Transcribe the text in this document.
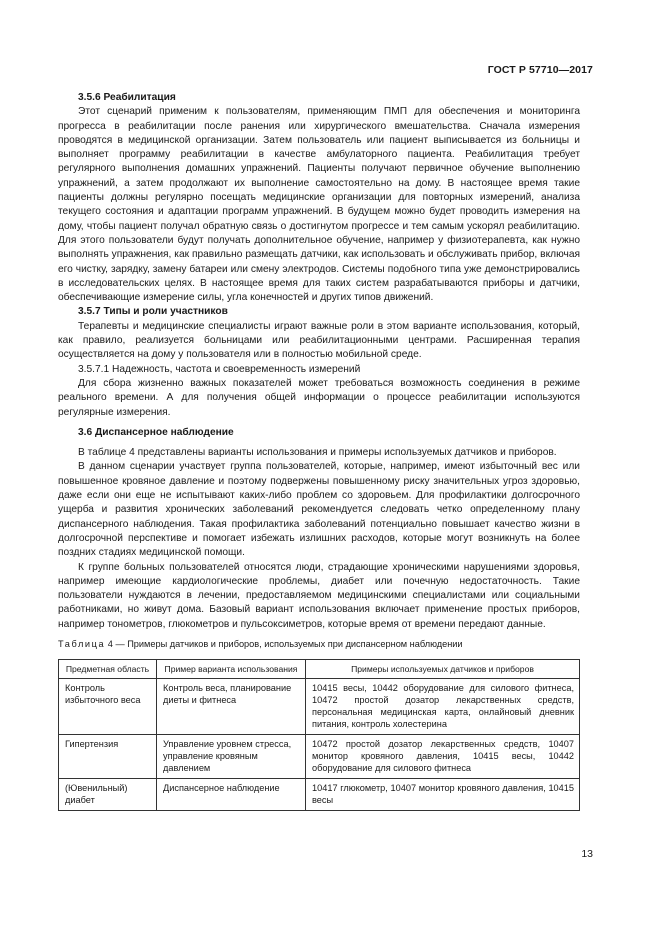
ГОСТ Р 57710—2017

3.5.6 Реабилитация

Этот сценарий применим к пользователям, применяющим ПМП для обеспечения и мониторинга прогресса в реабилитации после ранения или хирургического вмешательства. Сначала измерения проводятся в медицинской организации. Затем пользователь или пациент выписывается из больницы и выполняет программу реабилитации в качестве амбулаторного пациента. Реабилитация требует регулярного выполнения домашних упражнений. Пациенты получают первичное обучение выполнению упражнений, а затем продолжают их выполнение самостоятельно на дому. В настоящее время такие пациенты должны регулярно посещать медицинские организации для повторных измерений, анализа текущего состояния и адаптации программ упражнений. В будущем можно будет проводить измерения на дому, чтобы пациент получал обратную связь о достигнутом прогрессе и тем самым ускорял реабилитацию. Для этого пользователи будут получать дополнительное обучение, например у физиотерапевта, как нужно выполнять упражнения, как правильно размещать датчики, как использовать и обслуживать прибор, включая его чистку, зарядку, замену батареи или смену электродов. Системы подобного типа уже демонстрировались в исследовательских целях. В настоящее время для таких систем разрабатываются приборы и датчики, обеспечивающие измерение силы, угла конечностей и других типов движений.

3.5.7 Типы и роли участников

Терапевты и медицинские специалисты играют важные роли в этом варианте использования, который, как правило, реализуется больницами или реабилитационными центрами. Расширенная терапия осуществляется на дому у пользователя или в полностью мобильной среде.

3.5.7.1 Надежность, частота и своевременность измерений

Для сбора жизненно важных показателей может требоваться возможность соединения в режиме реального времени. А для получения общей информации о процессе реабилитации используются регулярные измерения.

3.6 Диспансерное наблюдение

В таблице 4 представлены варианты использования и примеры используемых датчиков и приборов.

В данном сценарии участвует группа пользователей, которые, например, имеют избыточный вес или повышенное кровяное давление и поэтому подвержены повышенному риску значительных угроз здоровью, даже если они еще не испытывают каких-либо проблем со здоровьем. Для профилактики долгосрочного ущерба и развития хронических заболеваний рекомендуется следовать четко определенному плану диспансерного наблюдения. Такая профилактика заболеваний потенциально повышает качество жизни в долгосрочной перспективе и помогает избежать излишних расходов, которые могут возникнуть на более поздних стадиях медицинской помощи.

К группе больных пользователей относятся люди, страдающие хроническими нарушениями здоровья, например имеющие кардиологические проблемы, диабет или почечную недостаточность. Такие пользователи нуждаются в лечении, предоставляемом медицинскими специалистами или социальными работниками, но живут дома. Базовый вариант использования включает применение простых приборов, например тонометров, глюкометров и пульсоксиметров, которые время от времени передают данные.

Таблица 4 — Примеры датчиков и приборов, используемых при диспансерном наблюдении

Предметная область	Пример варианта использования	Примеры используемых датчиков и приборов
Контроль избыточного веса	Контроль веса, планирование диеты и фитнеса	10415 весы, 10442 оборудование для силового фитнеса, 10472 простой дозатор лекарственных средств, персональная медицинская карта, онлайновый дневник питания, контроль холестерина
Гипертензия	Управление уровнем стресса, управление кровяным давлением	10472 простой дозатор лекарственных средств, 10407 монитор кровяного давления, 10415 весы, 10442 оборудование для силового фитнеса
(Ювенильный) диабет	Диспансерное наблюдение	10417 глюкометр, 10407 монитор кровяного давления, 10415 весы
13
